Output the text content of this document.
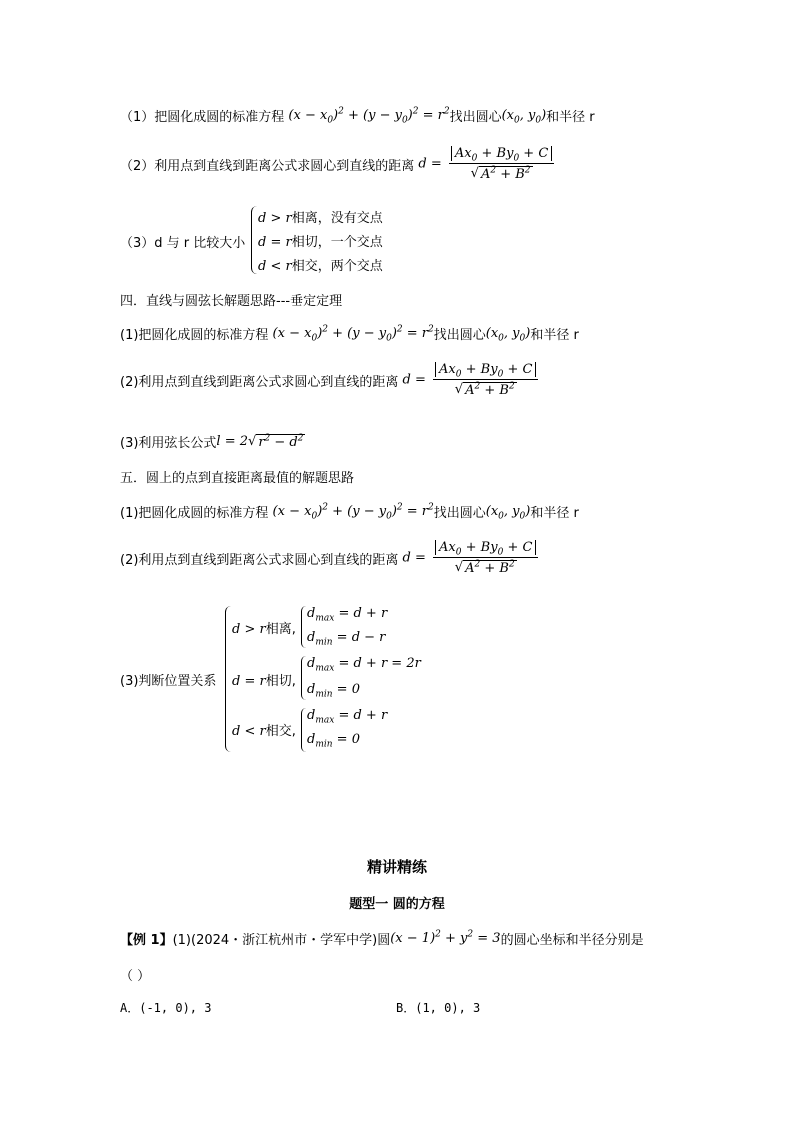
（1）把圆化成圆的标准方程 $(x - x_0)^2 + (y - y_0)^2 = r^2$ 找出圆心 ($x_0$, $y_0$) 和半径 r
（2）利用点到直线到距离公式求圆心到直线的距离 $d = \frac{Ax_0 + By_0 + C}{√ A^2 + B^2}$
（3）d 与 r 比较大小
d > r相离，没有交点
d = r相切，一个交点
d < r相交，两个交点
四．直线与圆弦长解题思路---垂定定理
(1)把圆化成圆的标准方程 $(x - x_0)^2 + (y - y_0)^2 = r^2$ 找出圆心 ($x_0$, $y_0$) 和半径 r
(2)利用点到直线到距离公式求圆心到直线的距离 $d = \frac{Ax_0 + By_0 + C}{√ A^2 + B^2}$
(3)利用弦长公式 l = 2 √ $r^2 - d^2$
五．圆上的点到直接距离最值的解题思路
(1)把圆化成圆的标准方程 $(x - x_0)^2 + (y - y_0)^2 = r^2$ 找出圆心 ($x_0$, $y_0$) 和半径 r
(2)利用点到直线到距离公式求圆心到直线的距离 $d = \frac{Ax_0 + By_0 + C}{√ A^2 + B^2}$
(3)判断位置关系
d > r相离,
$d_{max} = d + r$
$d_{min} = d - r$
d = r相切,
$d_{max} = d + r = 2r$
$d_{min} = 0$
d < r相交,
$d_{max} = d + r$
$d_{min} = 0$
精讲精练
题型一 圆的方程
【例 1】 (1)(2024・浙江杭州市・学军中学)圆 $(x - 1)^2 + y^2 = 3$ 的圆心坐标和半径分别是
（ ）
A．(-1, 0), 3	B．(1, 0), 3
